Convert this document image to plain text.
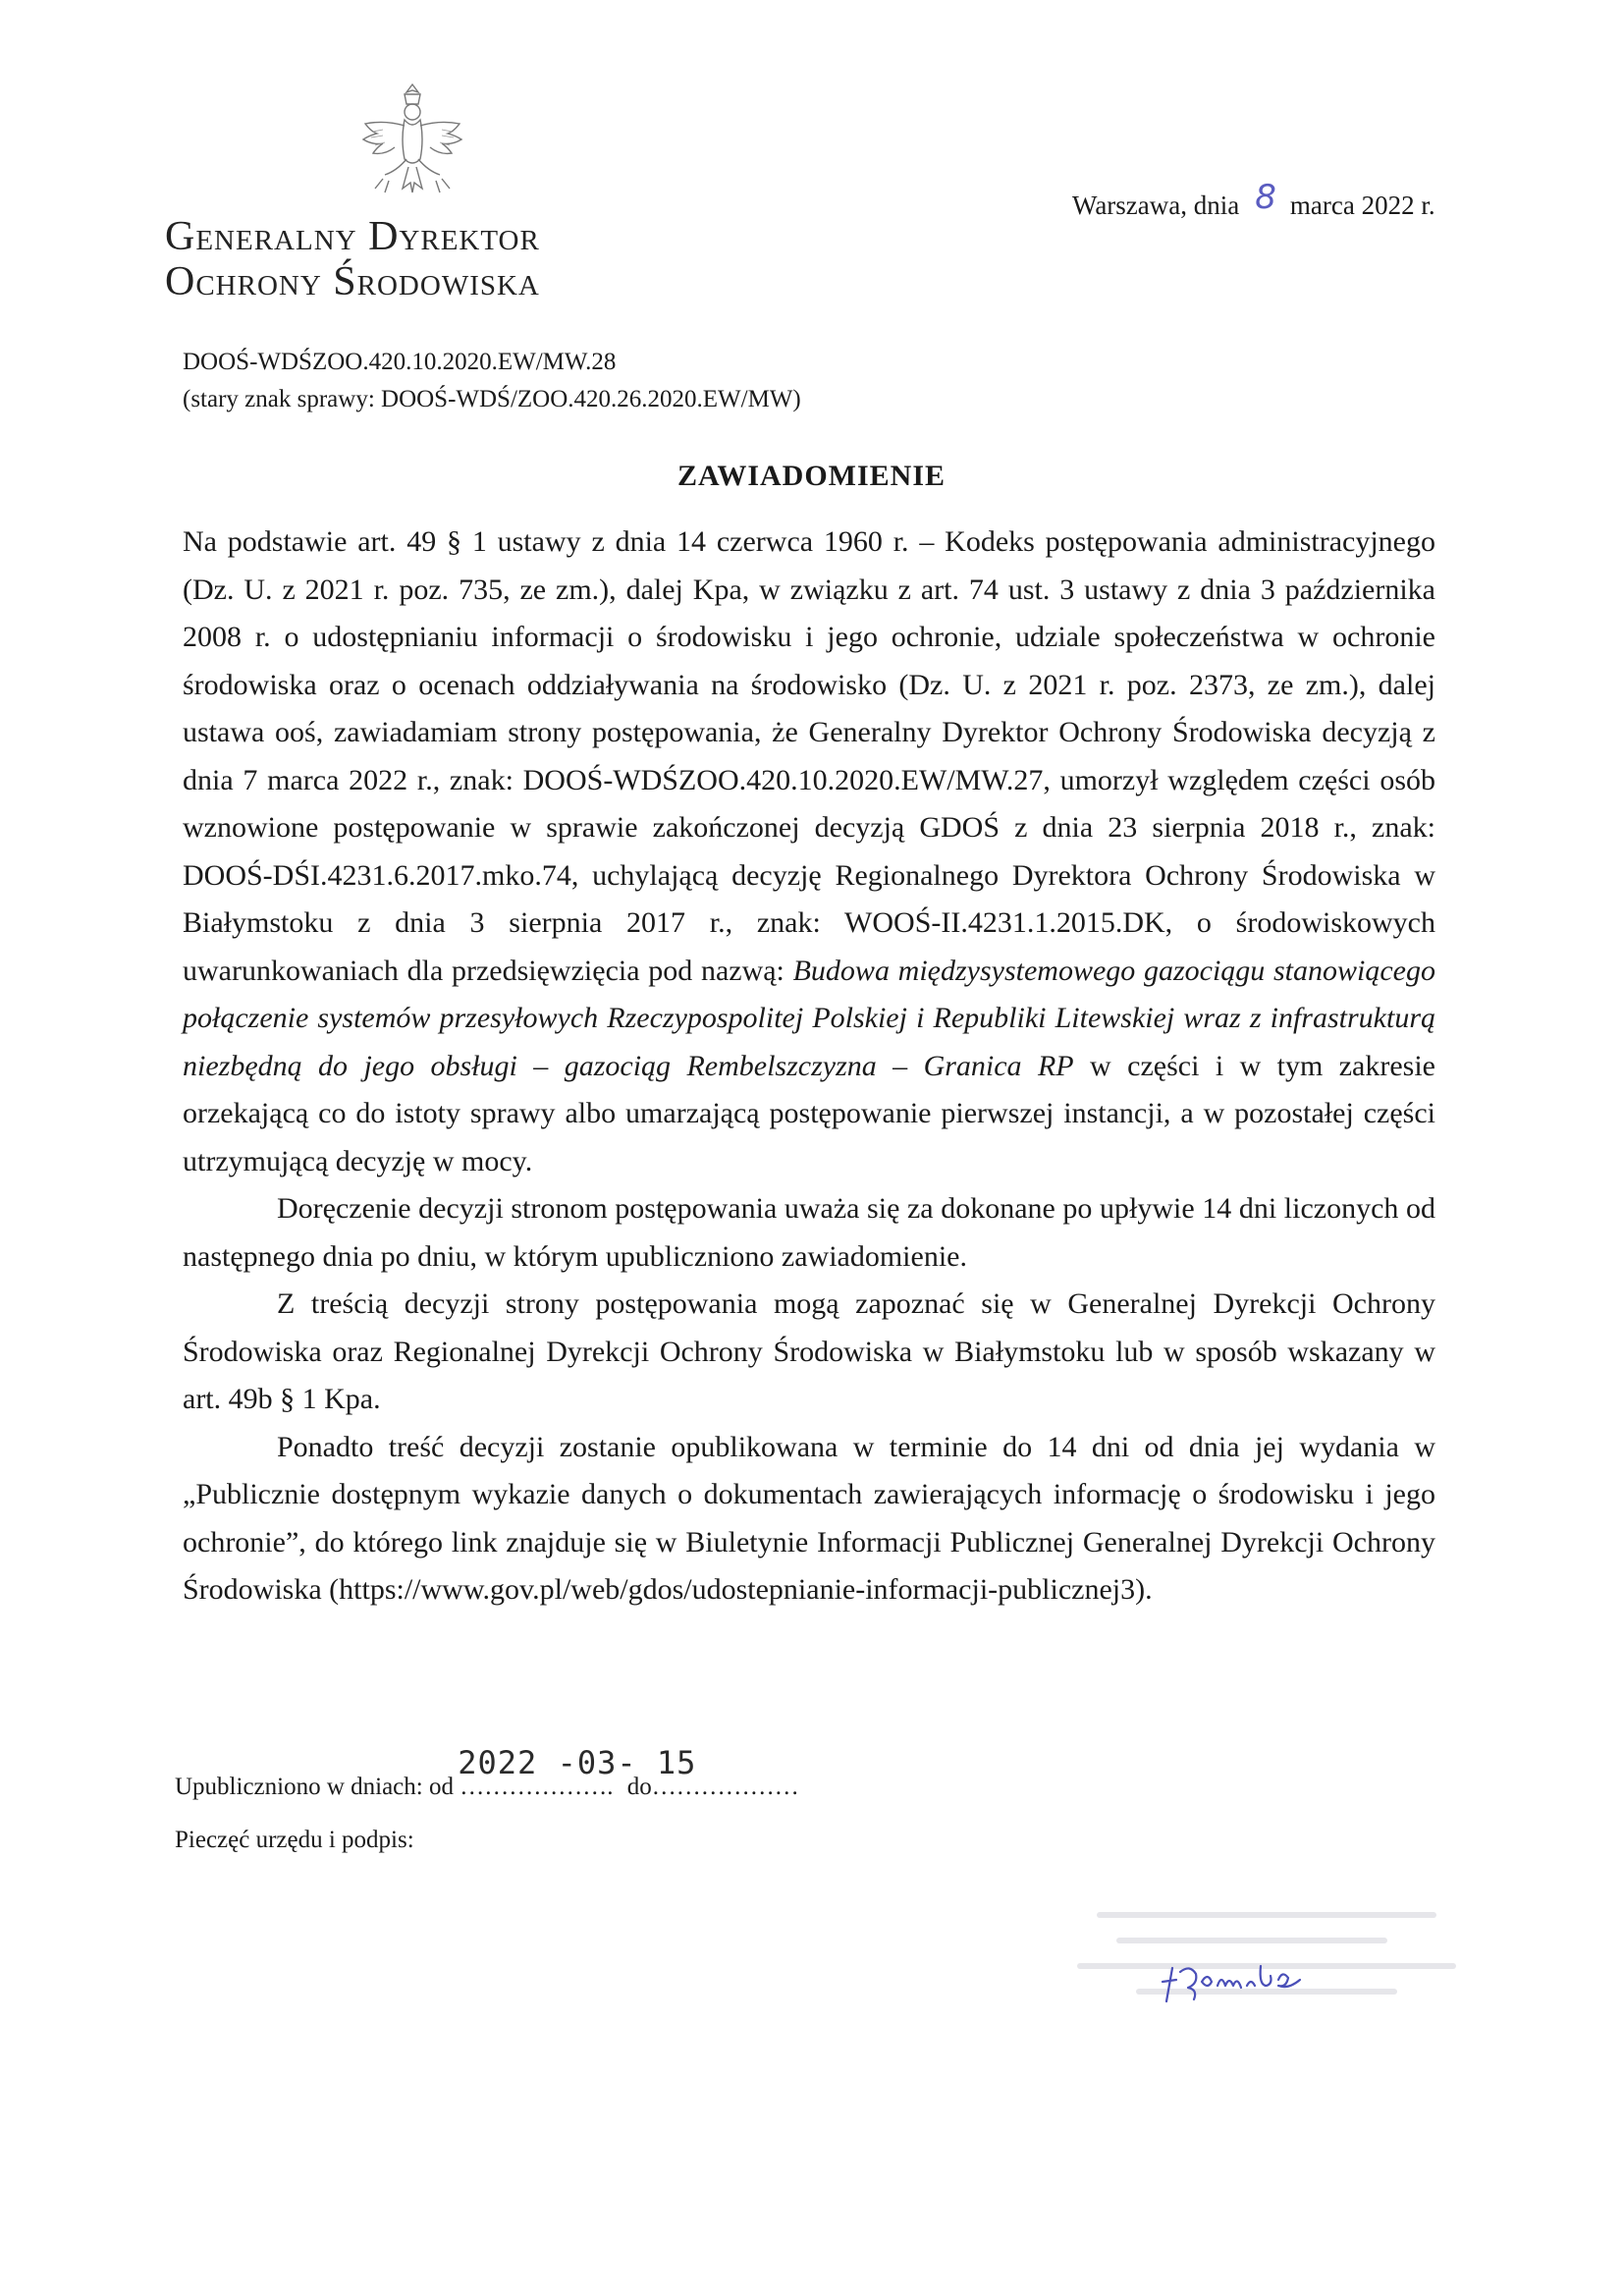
Warszawa, dnia 8 marca 2022 r.
Generalny Dyrektor
Ochrony Środowiska
DOOŚ-WDŚZOO.420.10.2020.EW/MW.28
(stary znak sprawy: DOOŚ-WDŚ/ZOO.420.26.2020.EW/MW)
ZAWIADOMIENIE

Na podstawie art. 49 § 1 ustawy z dnia 14 czerwca 1960 r. – Kodeks postępowania administracyjnego (Dz. U. z 2021 r. poz. 735, ze zm.), dalej Kpa, w związku z art. 74 ust. 3 ustawy z dnia 3 października 2008 r. o udostępnianiu informacji o środowisku i jego ochronie, udziale społeczeństwa w ochronie środowiska oraz o ocenach oddziaływania na środowisko (Dz. U. z 2021 r. poz. 2373, ze zm.), dalej ustawa ooś, zawiadamiam strony postępowania, że Generalny Dyrektor Ochrony Środowiska decyzją z dnia 7 marca 2022 r., znak: DOOŚ-WDŚZOO.420.10.2020.EW/MW.27, umorzył względem części osób wznowione postępowanie w sprawie zakończonej decyzją GDOŚ z dnia 23 sierpnia 2018 r., znak: DOOŚ-DŚI.4231.6.2017.mko.74, uchylającą decyzję Regionalnego Dyrektora Ochrony Środowiska w Białymstoku z dnia 3 sierpnia 2017 r., znak: WOOŚ-II.4231.1.2015.DK, o środowiskowych uwarunkowaniach dla przedsięwzięcia pod nazwą: Budowa międzysystemowego gazociągu stanowiącego połączenie systemów przesyłowych Rzeczypospolitej Polskiej i Republiki Litewskiej wraz z infrastrukturą niezbędną do jego obsługi – gazociąg Rembelszczyzna – Granica RP w części i w tym zakresie orzekającą co do istoty sprawy albo umarzającą postępowanie pierwszej instancji, a w pozostałej części utrzymującą decyzję w mocy.

Doręczenie decyzji stronom postępowania uważa się za dokonane po upływie 14 dni liczonych od następnego dnia po dniu, w którym upubliczniono zawiadomienie.

Z treścią decyzji strony postępowania mogą zapoznać się w Generalnej Dyrekcji Ochrony Środowiska oraz Regionalnej Dyrekcji Ochrony Środowiska w Białymstoku lub w sposób wskazany w art. 49b § 1 Kpa.

Ponadto treść decyzji zostanie opublikowana w terminie do 14 dni od dnia jej wydania w „Publicznie dostępnym wykazie danych o dokumentach zawierających informację o środowisku i jego ochronie”, do którego link znajduje się w Biuletynie Informacji Publicznej Generalnej Dyrekcji Ochrony Środowiska (https://www.gov.pl/web/gdos/udostepnianie-informacji-publicznej3).

Upubliczniono w dniach: od
2022 -03- 15
………………. do………………
Pieczęć urzędu i podpis:
